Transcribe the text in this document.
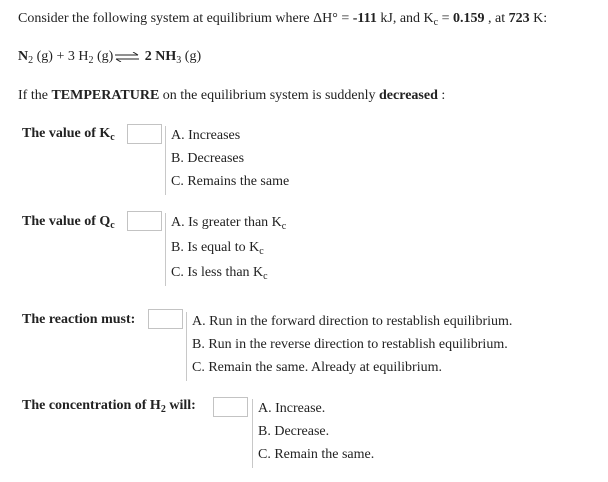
Consider the following system at equilibrium where ΔH° = -111 kJ, and $K_c = 0.159$ , at 723 K:
$N_2$ (g) + 3 $H_2$ (g)⇌ 2 $NH_3$ (g)
If the TEMPERATURE on the equilibrium system is suddenly decreased :
The value of $K_c$	A. Increases
B. Decreases
C. Remains the same
The value of $Q_c$	A. Is greater than $K_c$
B. Is equal to $K_c$
C. Is less than $K_c$
The reaction must:	A. Run in the forward direction to restablish equilibrium.
B. Run in the reverse direction to restablish equilibrium.
C. Remain the same. Already at equilibrium.
The concentration of $H_2$ will:	A. Increase.
B. Decrease.
C. Remain the same.
